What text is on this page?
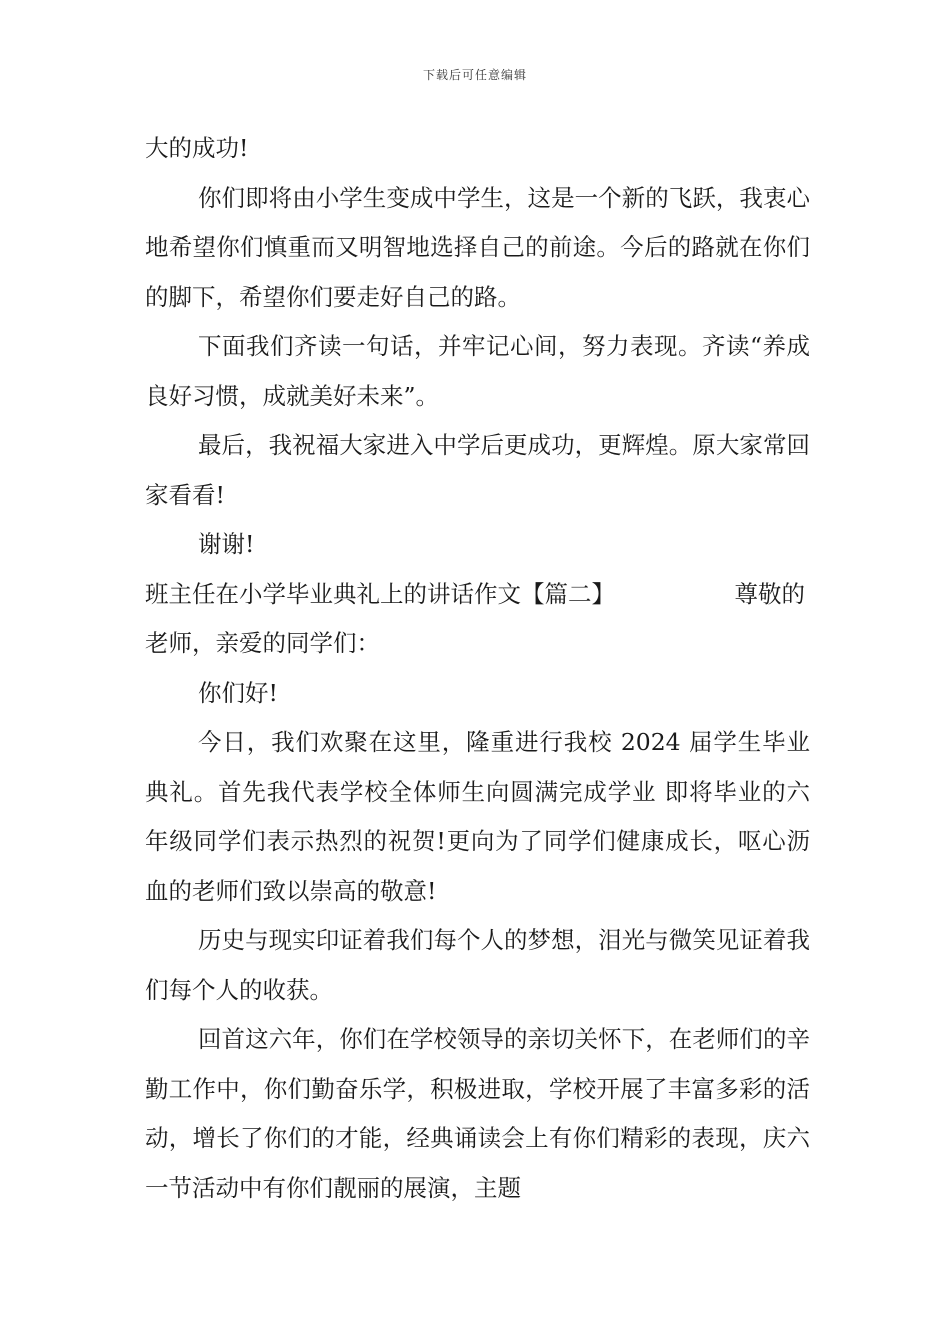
下载后可任意编辑

大的成功!

你们即将由小学生变成中学生，这是一个新的飞跃，我衷心地希望你们慎重而又明智地选择自己的前途。今后的路就在你们的脚下，希望你们要走好自己的路。

下面我们齐读一句话，并牢记心间，努力表现。齐读“养成良好习惯，成就美好未来”。

最后，我祝福大家进入中学后更成功，更辉煌。原大家常回家看看!

谢谢!

班主任在小学毕业典礼上的讲话作文【篇二】	尊敬的

老师，亲爱的同学们：

你们好!

今日，我们欢聚在这里，隆重进行我校 2024 届学生毕业典礼。首先我代表学校全体师生向圆满完成学业 即将毕业的六年级同学们表示热烈的祝贺!更向为了同学们健康成长，呕心沥血的老师们致以崇高的敬意!

历史与现实印证着我们每个人的梦想，泪光与微笑见证着我们每个人的收获。

回首这六年，你们在学校领导的亲切关怀下，在老师们的辛勤工作中，你们勤奋乐学，积极进取，学校开展了丰富多彩的活动，增长了你们的才能，经典诵读会上有你们精彩的表现，庆六一节活动中有你们靓丽的展演，主题
